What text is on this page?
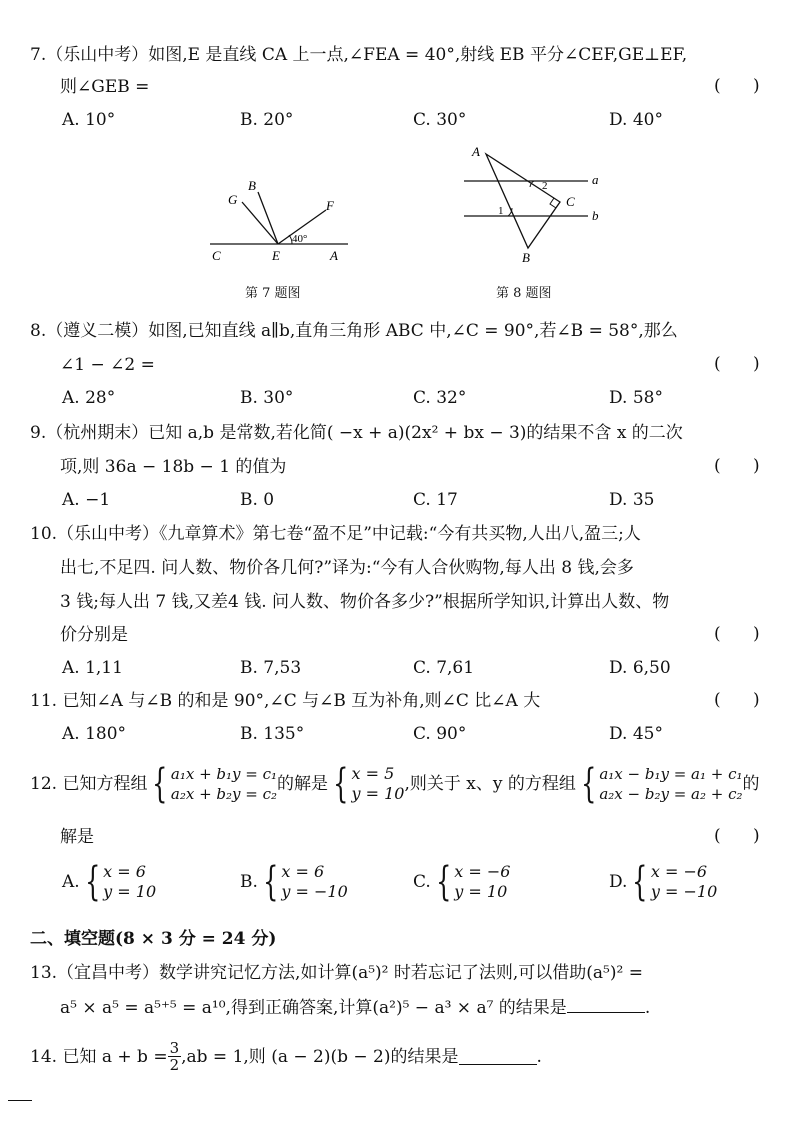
7.（乐山中考）如图,E 是直线 CA 上一点,∠FEA = 40°,射线 EB 平分∠CEF,GE⊥EF,
则∠GEB =	(      )
A. 10°	B. 20°	C. 30°	D. 40°
G
B
F
C	E	A
40°
第 7 题图
A
B
C
a
b
1
2
第 8 题图
8.（遵义二模）如图,已知直线 a∥b,直角三角形 ABC 中,∠C = 90°,若∠B = 58°,那么
∠1 − ∠2 =	(      )
A. 28°	B. 30°	C. 32°	D. 58°
9.（杭州期末）已知 a,b 是常数,若化简( −x + a)(2x² + bx − 3)的结果不含 x 的二次
项,则 36a − 18b − 1 的值为	(      )
A. −1	B. 0	C. 17	D. 35
10.（乐山中考）《九章算术》第七卷“盈不足”中记载:“今有共买物,人出八,盈三;人
出七,不足四. 问人数、物价各几何?”译为:“今有人合伙购物,每人出 8 钱,会多
3 钱;每人出 7 钱,又差4 钱. 问人数、物价各多少?”根据所学知识,计算出人数、物
价分别是	(      )
A. 1,11	B. 7,53	C. 7,61	D. 6,50
11. 已知∠A 与∠B 的和是 90°,∠C 与∠B 互为补角,则∠C 比∠A 大	(      )
A. 180°	B. 135°	C. 90°	D. 45°
12. 已知方程组 { a₁x + b₁y = c₁
a₂x + b₂y = c₂ 的解是 { x = 5
y = 10 ,则关于 x、y 的方程组 { a₁x − b₁y = a₁ + c₁
a₂x − b₂y = a₂ + c₂ 的
解是	(      )
A. { x = 6
y = 10	B. { x = 6
y = −10	C. { x = −6
y = 10	D. { x = −6
y = −10
二、填空题(8 × 3 分 = 24 分)
13.（宜昌中考）数学讲究记忆方法,如计算(a⁵)² 时若忘记了法则,可以借助(a⁵)² =
a⁵ × a⁵ = a⁵⁺⁵ = a¹⁰,得到正确答案,计算(a²)⁵ − a³ × a⁷ 的结果是	.
14. 已知 $a + b = \frac{3}{2} ,ab = 1$,则 (a − 2)(b − 2)的结果是	.
